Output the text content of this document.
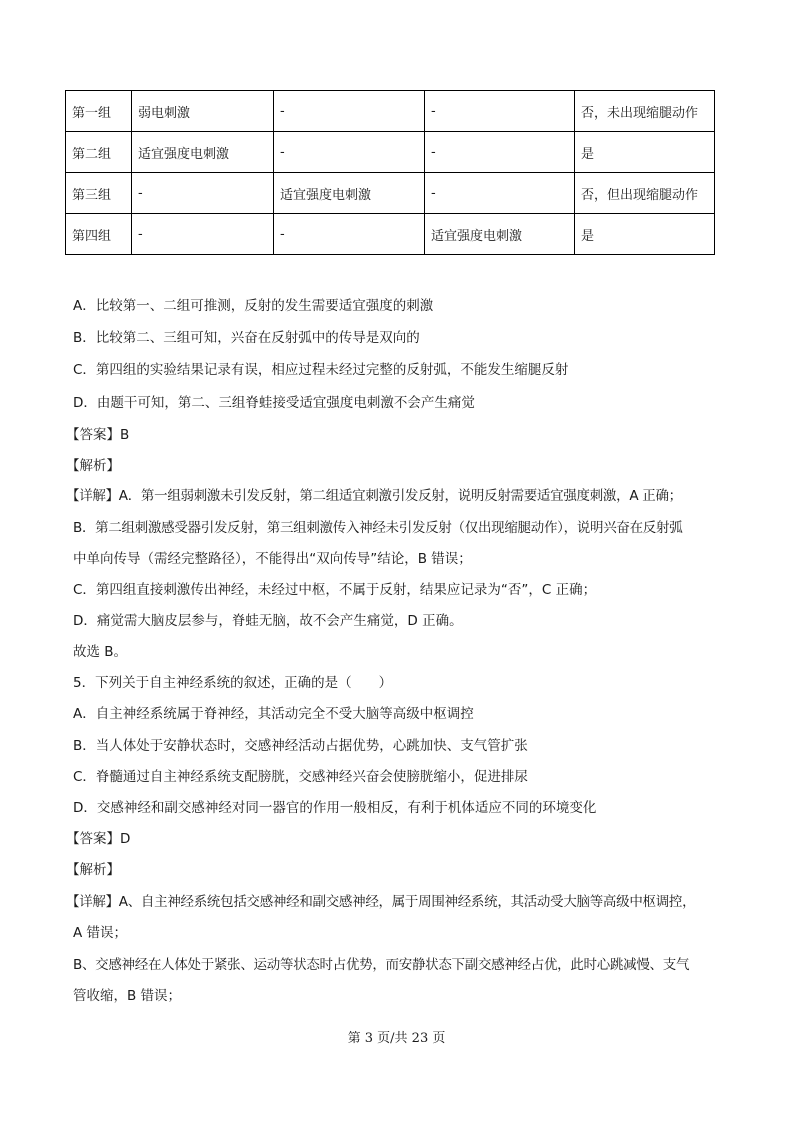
第一组	弱电刺激	-	-	否，未出现缩腿动作
第二组	适宜强度电刺激	-	-	是
第三组	-	适宜强度电刺激	-	否，但出现缩腿动作
第四组	-	-	适宜强度电刺激	是
A．比较第一、二组可推测，反射的发生需要适宜强度的刺激
B．比较第二、三组可知，兴奋在反射弧中的传导是双向的
C．第四组的实验结果记录有误，相应过程未经过完整的反射弧，不能发生缩腿反射
D．由题干可知，第二、三组脊蛙接受适宜强度电刺激不会产生痛觉
【答案】B
【解析】
【详解】A．第一组弱刺激未引发反射，第二组适宜刺激引发反射，说明反射需要适宜强度刺激，A 正确；
B．第二组刺激感受器引发反射，第三组刺激传入神经未引发反射（仅出现缩腿动作），说明兴奋在反射弧
中单向传导（需经完整路径），不能得出“双向传导”结论，B 错误；
C．第四组直接刺激传出神经，未经过中枢，不属于反射，结果应记录为“否”，C 正确；
D．痛觉需大脑皮层参与，脊蛙无脑，故不会产生痛觉，D 正确。
故选 B。
5．下列关于自主神经系统的叙述，正确的是（　　）
A．自主神经系统属于脊神经，其活动完全不受大脑等高级中枢调控
B．当人体处于安静状态时，交感神经活动占据优势，心跳加快、支气管扩张
C．脊髓通过自主神经系统支配膀胱，交感神经兴奋会使膀胱缩小，促进排尿
D．交感神经和副交感神经对同一器官的作用一般相反，有利于机体适应不同的环境变化
【答案】D
【解析】
【详解】A、自主神经系统包括交感神经和副交感神经，属于周围神经系统，其活动受大脑等高级中枢调控，
A 错误；
B、交感神经在人体处于紧张、运动等状态时占优势，而安静状态下副交感神经占优，此时心跳减慢、支气
管收缩，B 错误；
第 3 页/共 23 页
